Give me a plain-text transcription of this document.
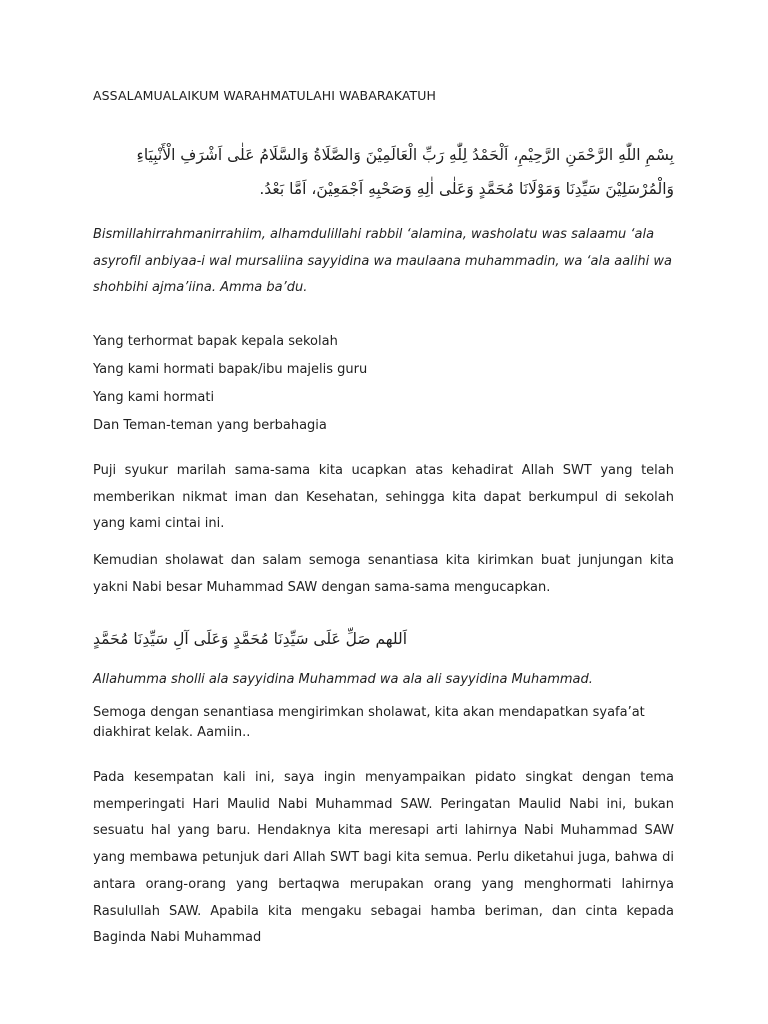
ASSALAMUALAIKUM WARAHMATULAHI WABARAKATUH

بِسْمِ اللّٰهِ الرَّحْمَنِ الرَّحِيْمِ، اَلْحَمْدُ لِلّٰهِ رَبِّ الْعَالَمِيْنَ وَالصَّلَاةُ وَالسَّلَامُ عَلٰى اَشْرَفِ الْأَنْبِيَاءِ

وَالْمُرْسَلِيْنَ سَيِّدِنَا وَمَوْلَانَا مُحَمَّدٍ وَعَلٰى اٰلِهِ وَصَحْبِهِ اَجْمَعِيْنَ، اَمَّا بَعْدُ.

Bismillahirrahmanirrahiim, alhamdulillahi rabbil ‘alamina, washolatu was salaamu ‘ala asyrofil anbiyaa-i wal mursaliina sayyidina wa maulaana muhammadin, wa ‘ala aalihi wa shohbihi ajma’iina. Amma ba’du.

Yang terhormat bapak kepala sekolah

Yang kami hormati bapak/ibu majelis guru

Yang kami hormati

Dan Teman-teman yang berbahagia

Puji syukur marilah sama-sama kita ucapkan atas kehadirat Allah SWT yang telah memberikan nikmat iman dan Kesehatan, sehingga kita dapat berkumpul di sekolah yang kami cintai ini.

Kemudian sholawat dan salam semoga senantiasa kita kirimkan buat junjungan kita yakni Nabi besar Muhammad SAW dengan sama-sama mengucapkan.

اَللهم صَلِّ عَلَى سَيِّدِنَا مُحَمَّدٍ وَعَلَى آلِ سَيِّدِنَا مُحَمَّدٍ

Allahumma sholli ala sayyidina Muhammad wa ala ali sayyidina Muhammad.

Semoga dengan senantiasa mengirimkan sholawat, kita akan mendapatkan syafa’at diakhirat kelak. Aamiin..

Pada kesempatan kali ini, saya ingin menyampaikan pidato singkat dengan tema memperingati Hari Maulid Nabi Muhammad SAW. Peringatan Maulid Nabi ini, bukan sesuatu hal yang baru. Hendaknya kita meresapi arti lahirnya Nabi Muhammad SAW yang membawa petunjuk dari Allah SWT bagi kita semua. Perlu diketahui juga, bahwa di antara orang-orang yang bertaqwa merupakan orang yang menghormati lahirnya Rasulullah SAW. Apabila kita mengaku sebagai hamba beriman, dan cinta kepada Baginda Nabi Muhammad
